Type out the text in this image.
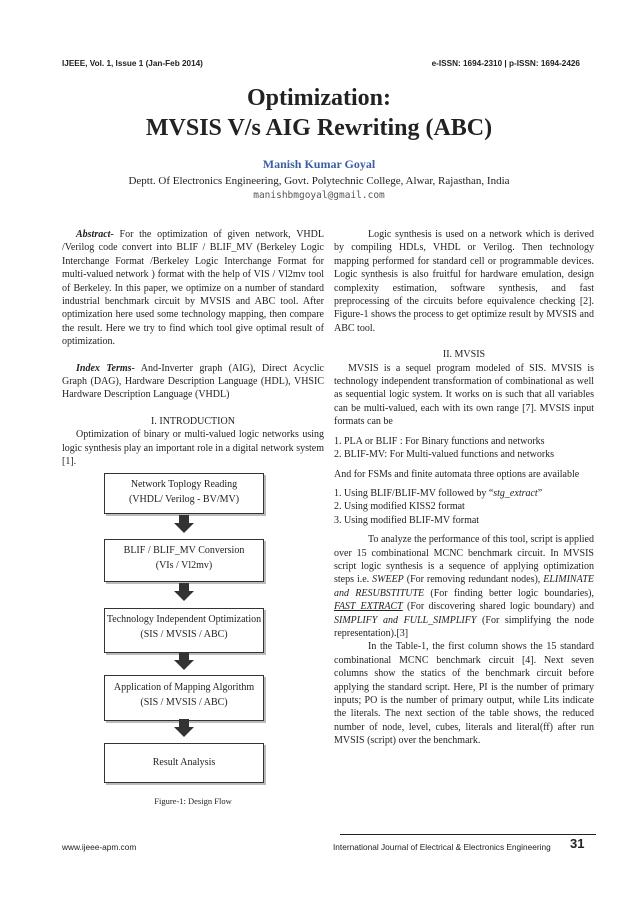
IJEEE, Vol. 1, Issue 1 (Jan-Feb 2014)	e-ISSN: 1694-2310 | p-ISSN: 1694-2426
Optimization:
MVSIS V/s AIG Rewriting (ABC)
Manish Kumar Goyal
Deptt. Of Electronics Engineering, Govt. Polytechnic College, Alwar, Rajasthan, India
manishbmgoyal@gmail.com

Abstract- For the optimization of given network, VHDL /Verilog code convert into BLIF / BLIF_MV (Berkeley Logic Interchange Format /Berkeley Logic Interchange Format for multi-valued network ) format with the help of VIS / Vl2mv tool of Berkeley. In this paper, we optimize on a number of standard industrial benchmark circuit by MVSIS and ABC tool. After optimization here used some technology mapping, then compare the result. Here we try to find which tool give optimal result of optimization.

Index Terms- And-Inverter graph (AIG), Direct Acyclic Graph (DAG), Hardware Description Language (HDL), VHSIC Hardware Description Language (VHDL)

I. INTRODUCTION

Optimization of binary or multi-valued logic networks using logic synthesis play an important role in a digital network system [1].

Network Toplogy Reading
(VHDL/ Verilog - BV/MV)
BLIF / BLIF_MV Conversion
(VIs / Vl2mv)
Technology Independent Optimization
(SIS / MVSIS / ABC)
Application of Mapping Algorithm
(SIS / MVSIS / ABC)
Result Analysis
Figure-1: Design Flow

Logic synthesis is used on a network which is derived by compiling HDLs, VHDL or Verilog. Then technology mapping performed for standard cell or programmable devices. Logic synthesis is also fruitful for hardware emulation, design complexity estimation, software synthesis, and fast preprocessing of the circuits before equivalence checking [2]. Figure-1 shows the process to get optimize result by MVSIS and ABC tool.

II. MVSIS

MVSIS is a sequel program modeled of SIS. MVSIS is technology independent transformation of combinational as well as sequential logic system. It works on is such that all variables can be multi-valued, each with its own range [7]. MVSIS input formats can be

1. PLA or BLIF : For Binary functions and networks
2. BLIF-MV: For Multi-valued functions and networks

And for FSMs and finite automata three options are available

1. Using BLIF/BLIF-MV followed by “stg_extract”
2. Using modified KISS2 format
3. Using modified BLIF-MV format

To analyze the performance of this tool, script is applied over 15 combinational MCNC benchmark circuit. In MVSIS script logic synthesis is a sequence of applying optimization steps i.e. SWEEP (For removing redundant nodes), ELIMINATE and RESUBSTITUTE (For finding better logic boundaries), FAST_EXTRACT (For discovering shared logic boundary) and SIMPLIFY and FULL_SIMPLIFY (For simplifying the node representation).[3]

In the Table-1, the first column shows the 15 standard combinational MCNC benchmark circuit [4]. Next seven columns show the statics of the benchmark circuit before applying the standard script. Here, PI is the number of primary inputs; PO is the number of primary output, while Lits indicate the literals. The next section of the table shows, the reduced number of node, level, cubes, literals and literal(ff) after run MVSIS (script) over the benchmark.

www.ijeee-apm.com	International Journal of Electrical & Electronics Engineering 31
